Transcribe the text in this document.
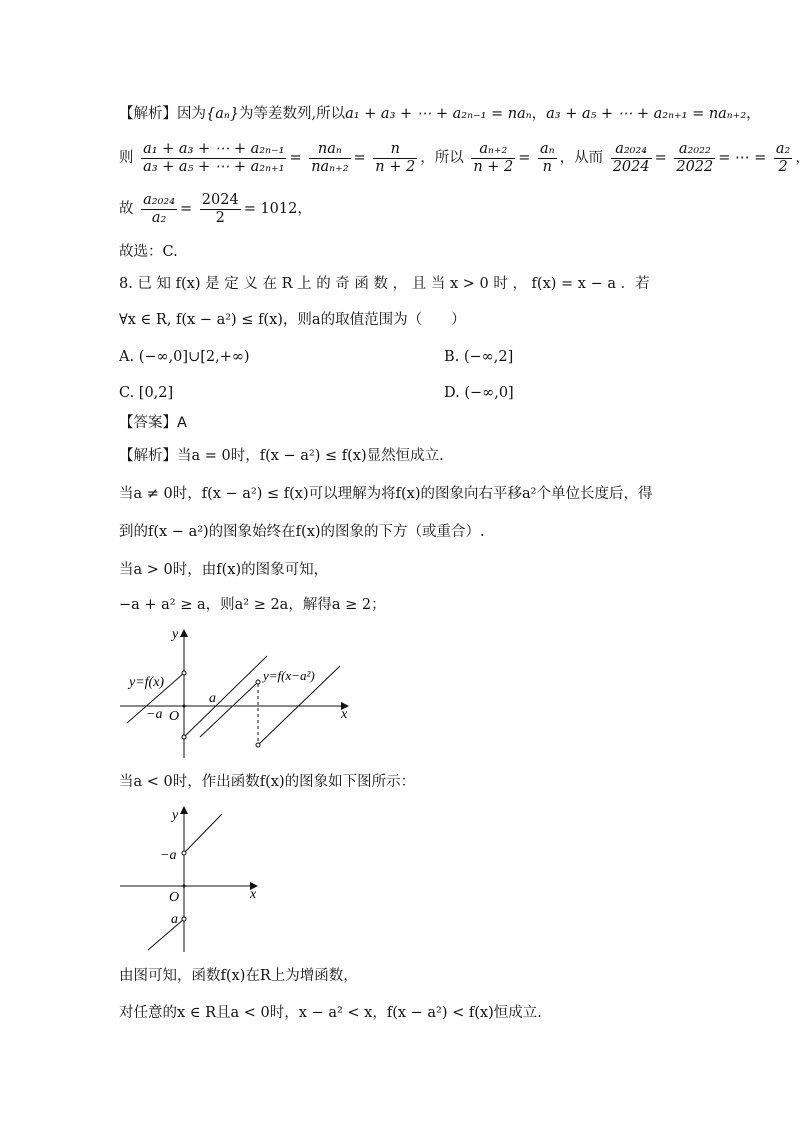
【解析】因为{aₙ}为等差数列,所以a₁ + a₃ + ⋯ + a₂ₙ₋₁ = naₙ，a₃ + a₅ + ⋯ + a₂ₙ₊₁ = naₙ₊₂，
则 $\frac{\text{a₁ + a₃ + ⋯ + a₂ₙ₋₁}}{\text{a₃ + a₅ + ⋯ + a₂ₙ₊₁}} = \frac{\text{naₙ}}{\text{naₙ₊₂}} = \frac{n}{n + 2}$ ，所以 $\frac{\text{aₙ₊₂}}{n + 2} = \frac{\text{aₙ}}{n}$ ，从而 $\frac{\text{a₂₀₂₄}}{2024} = \frac{\text{a₂₀₂₂}}{2022}$ = ⋯ = $\frac{\text{a₂}}{2}$ ，
故 $\frac{\text{a₂₀₂₄}}{\text{a₂}} = \frac{2024}{2} = 1012$，
故选：C.
8. 已 知 f(x) 是 定 义 在 R 上 的 奇 函 数 ， 且 当 x > 0 时 ， f(x) = x − a ．若
∀x ∈ R, f(x − a²) ≤ f(x)，则a的取值范围为（　　）
A. (−∞,0]∪[2,+∞)	B. (−∞,2]
C. [0,2]	D. (−∞,0]
【答案】A
【解析】当a = 0时，f(x − a²) ≤ f(x)显然恒成立.
当a ≠ 0时，f(x − a²) ≤ f(x)可以理解为将f(x)的图象向右平移a²个单位长度后，得
到的f(x − a²)的图象始终在f(x)的图象的下方（或重合）.
当a > 0时，由f(x)的图象可知，
−a + a² ≥ a，则a² ≥ 2a，解得a ≥ 2；
y
x
O
y=f(x)	y=f(x−a²)
a
−a
当a < 0时，作出函数f(x)的图象如下图所示：
y
x
O
−a
a
由图可知，函数f(x)在R上为增函数，
对任意的x ∈ R且a < 0时，x − a² < x，f(x − a²) < f(x)恒成立.
